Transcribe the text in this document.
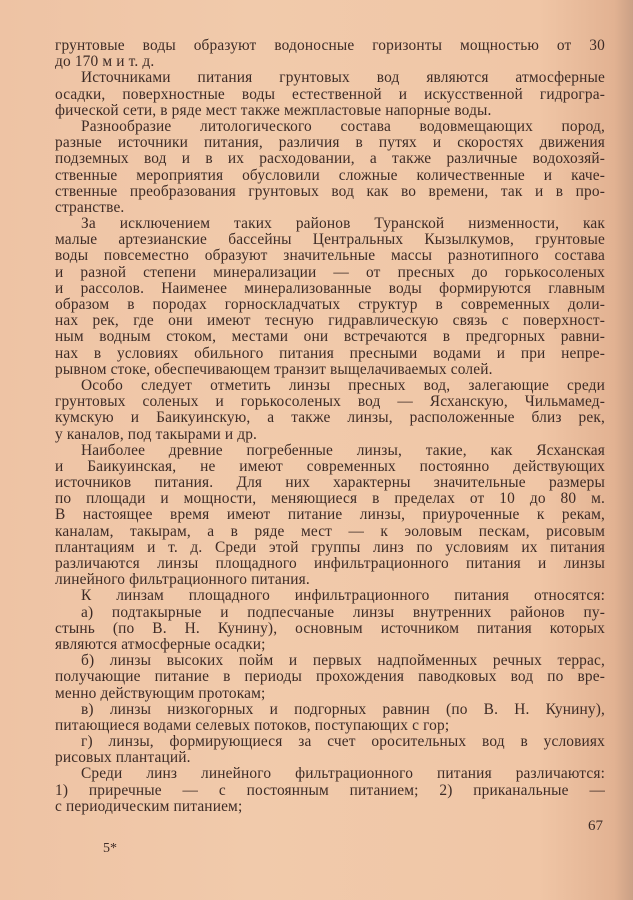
грунтовые воды образуют водоносные горизонты мощностью от 30
до 170 м и т. д.
Источниками питания грунтовых вод являются атмосферные
осадки, поверхностные воды естественной и искусственной гидрогра-
фической сети, в ряде мест также межпластовые напорные воды.
Разнообразие литологического состава водовмещающих пород,
разные источники питания, различия в путях и скоростях движения
подземных вод и в их расходовании, а также различные водохозяй-
ственные мероприятия обусловили сложные количественные и каче-
ственные преобразования грунтовых вод как во времени, так и в про-
странстве.
За исключением таких районов Туранской низменности, как
малые артезианские бассейны Центральных Кызылкумов, грунтовые
воды повсеместно образуют значительные массы разнотипного состава
и разной степени минерализации — от пресных до горькосоленых
и рассолов. Наименее минерализованные воды формируются главным
образом в породах горноскладчатых структур в современных доли-
нах рек, где они имеют тесную гидравлическую связь с поверхност-
ным водным стоком, местами они встречаются в предгорных равни-
нах в условиях обильного питания пресными водами и при непре-
рывном стоке, обеспечивающем транзит выщелачиваемых солей.
Особо следует отметить линзы пресных вод, залегающие среди
грунтовых соленых и горькосоленых вод — Ясханскую, Чильмамед-
кумскую и Баикуинскую, а также линзы, расположенные близ рек,
у каналов, под такырами и др.
Наиболее древние погребенные линзы, такие, как Ясханская
и Баикуинская, не имеют современных постоянно действующих
источников питания. Для них характерны значительные размеры
по площади и мощности, меняющиеся в пределах от 10 до 80 м.
В настоящее время имеют питание линзы, приуроченные к рекам,
каналам, такырам, а в ряде мест — к эоловым пескам, рисовым
плантациям и т. д. Среди этой группы линз по условиям их питания
различаются линзы площадного инфильтрационного питания и линзы
линейного фильтрационного питания.
К линзам площадного инфильтрационного питания относятся:
а) подтакырные и подпесчаные линзы внутренних районов пу-
стынь (по В. Н. Кунину), основным источником питания которых
являются атмосферные осадки;
б) линзы высоких пойм и первых надпойменных речных террас,
получающие питание в периоды прохождения паводковых вод по вре-
менно действующим протокам;
в) линзы низкогорных и подгорных равнин (по В. Н. Кунину),
питающиеся водами селевых потоков, поступающих с гор;
г) линзы, формирующиеся за счет оросительных вод в условиях
рисовых плантаций.
Среди линз линейного фильтрационного питания различаются:
1) приречные — с постоянным питанием; 2) приканальные —
с периодическим питанием;
67
5*
